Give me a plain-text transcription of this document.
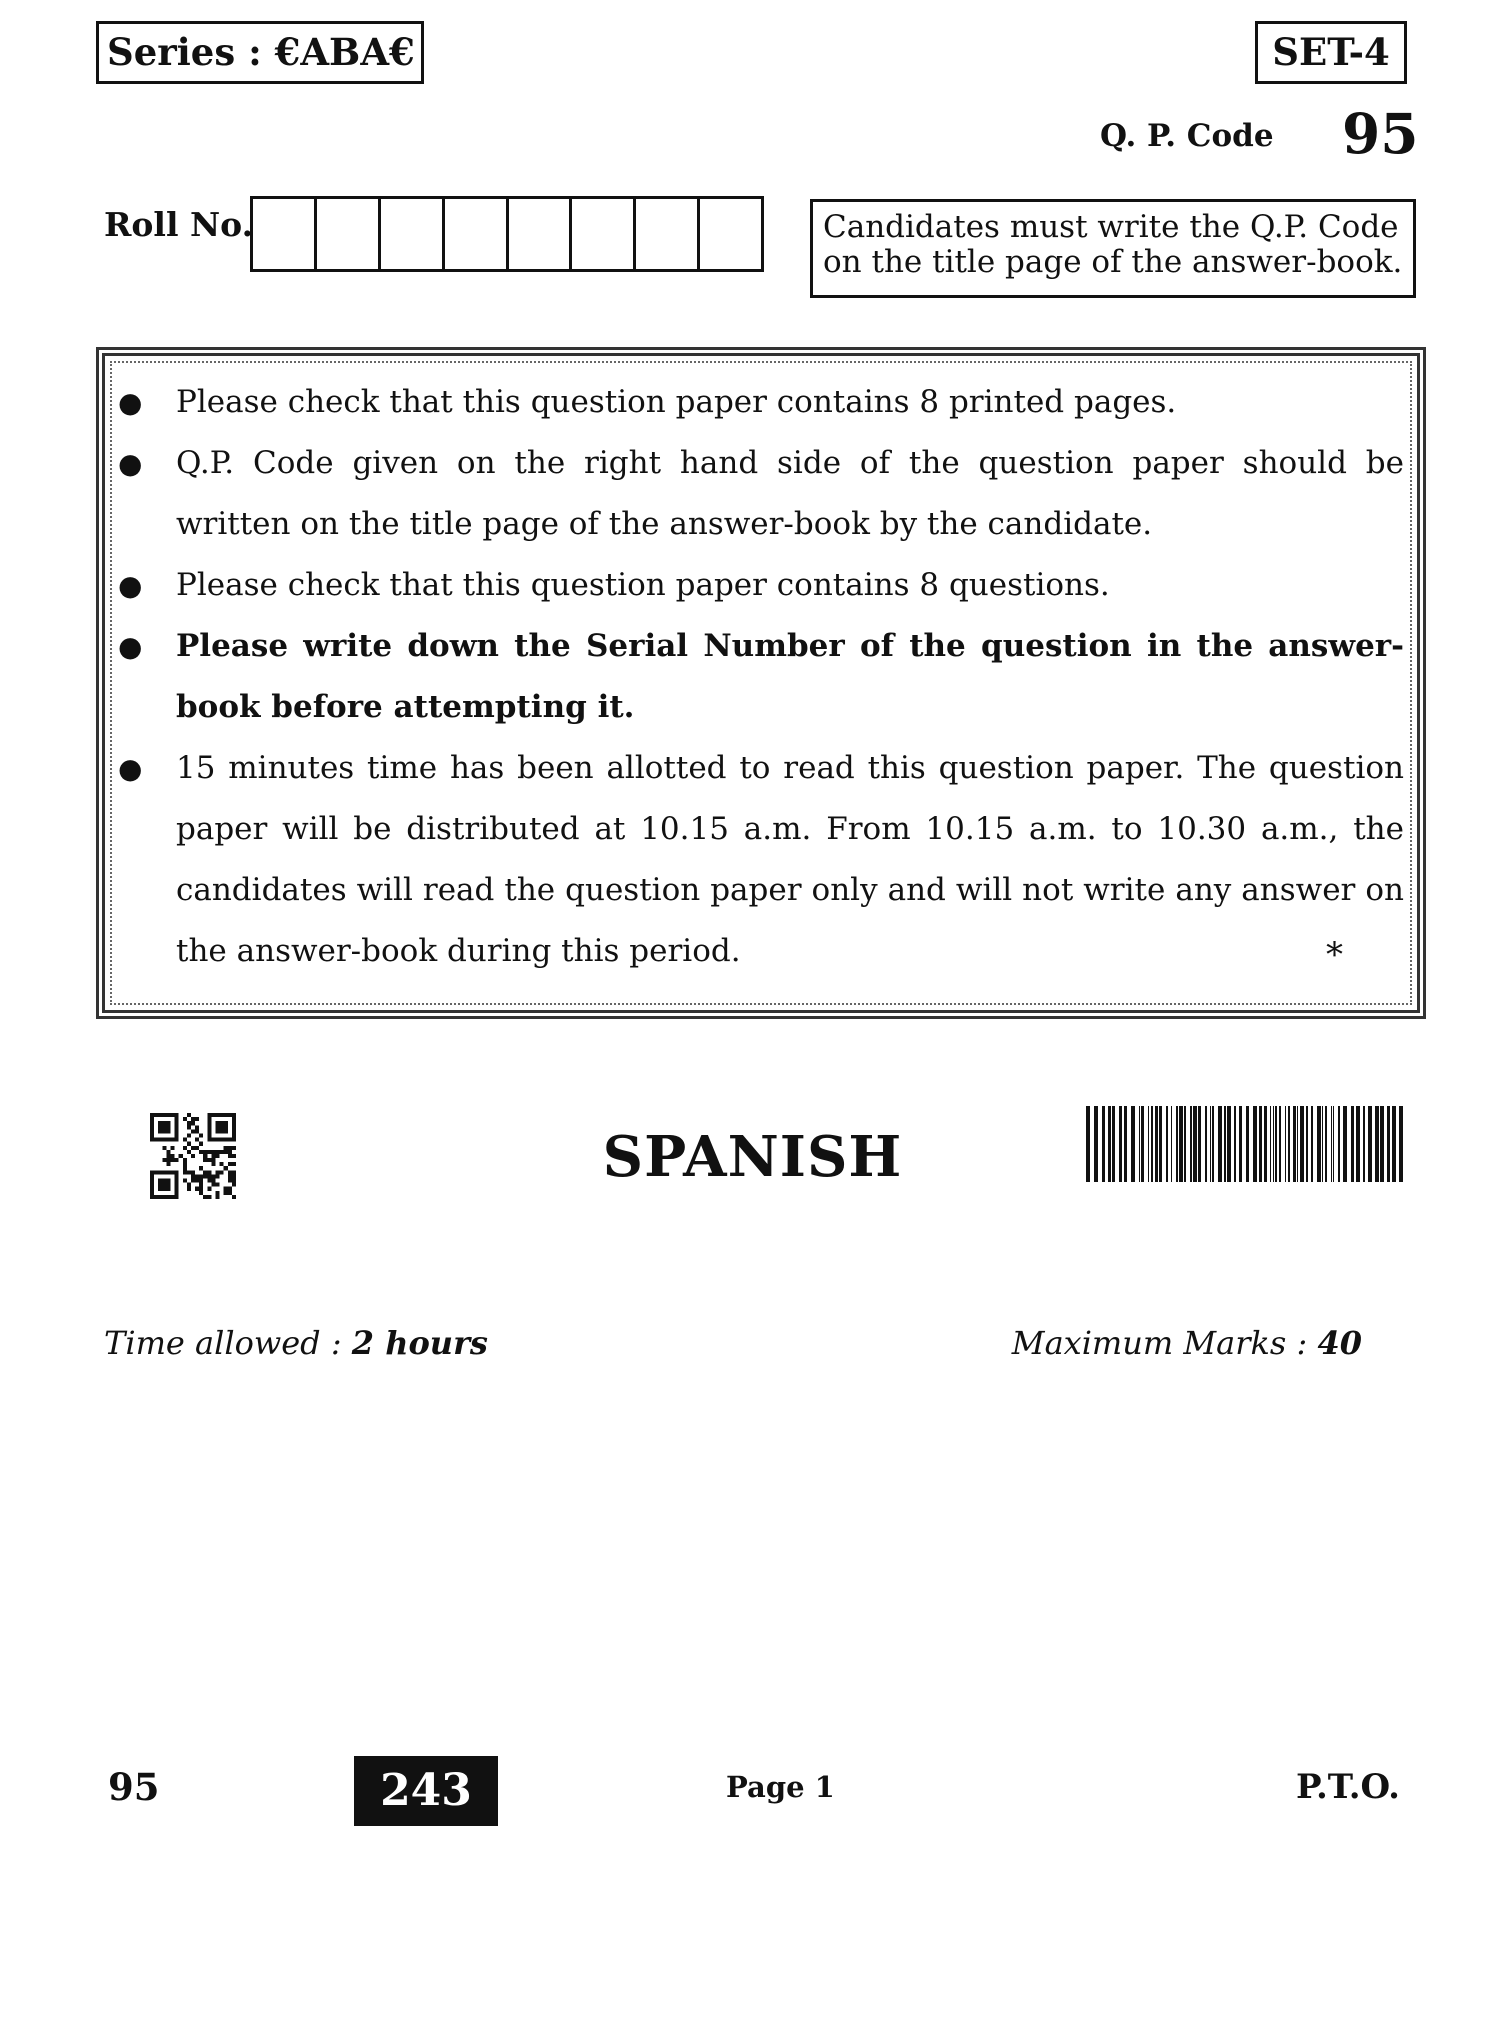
Series : €ABA€	SET-4
Q. P. Code 95
Roll No.	Candidates must write the Q.P. Code
on the title page of the answer-book.
● Please check that this question paper contains 8 printed pages.
● Q.P. Code given on the right hand side of the question paper should be written on the title page of the answer-book by the candidate.
● Please check that this question paper contains 8 questions.
● Please write down the Serial Number of the question in the answer-book before attempting it.
● 15 minutes time has been allotted to read this question paper. The question paper will be distributed at 10.15 a.m. From 10.15 a.m. to 10.30 a.m., the candidates will read the question paper only and will not write any answer on the answer-book during this period.	*
SPANISH
Time allowed : 2 hours	Maximum Marks : 40
95	243	Page 1	P.T.O.
